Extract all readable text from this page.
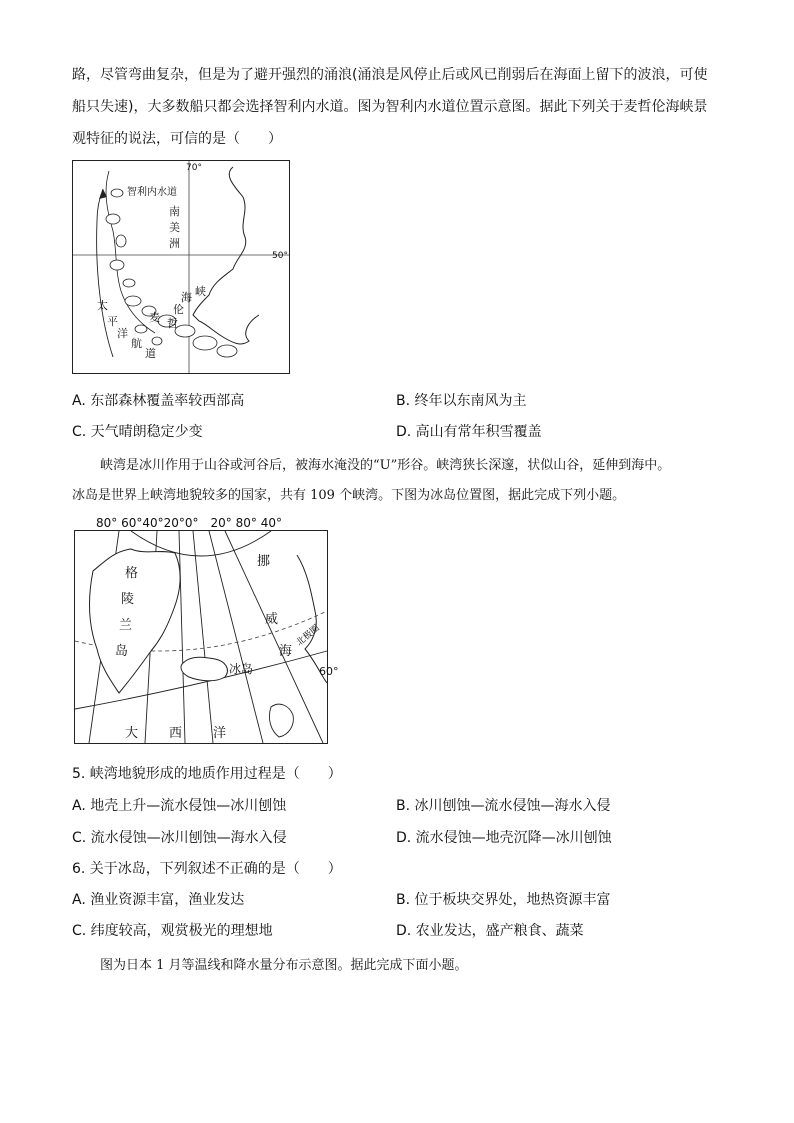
路，尽管弯曲复杂，但是为了避开强烈的涌浪(涌浪是风停止后或风已削弱后在海面上留下的波浪，可使
船只失速)，大多数船只都会选择智利内水道。图为智利内水道位置示意图。据此下列关于麦哲伦海峡景
观特征的说法，可信的是（　　）
70°
50°
智利内水道
南
美
洲
麦 哲
伦
海 峡
太
平
洋
航
道
A. 东部森林覆盖率较西部高	B. 终年以东南风为主
C. 天气晴朗稳定少变	D. 高山有常年积雪覆盖
峡湾是冰川作用于山谷或河谷后，被海水淹没的“U”形谷。峡湾狭长深邃，状似山谷，延伸到海中。
冰岛是世界上峡湾地貌较多的国家，共有 109 个峡湾。下图为冰岛位置图，据此完成下列小题。
80° 60°40°20°0°　20° 80° 40°
60°
北极圈
格
陵
兰
岛
挪
威
海
冰岛
大 西 洋
5. 峡湾地貌形成的地质作用过程是（　　）
A. 地壳上升—流水侵蚀—冰川刨蚀	B. 冰川刨蚀—流水侵蚀—海水入侵
C. 流水侵蚀—冰川刨蚀—海水入侵	D. 流水侵蚀—地壳沉降—冰川刨蚀
6. 关于冰岛，下列叙述不正确的是（　　）
A. 渔业资源丰富，渔业发达	B. 位于板块交界处，地热资源丰富
C. 纬度较高，观赏极光的理想地	D. 农业发达，盛产粮食、蔬菜
图为日本 1 月等温线和降水量分布示意图。据此完成下面小题。
